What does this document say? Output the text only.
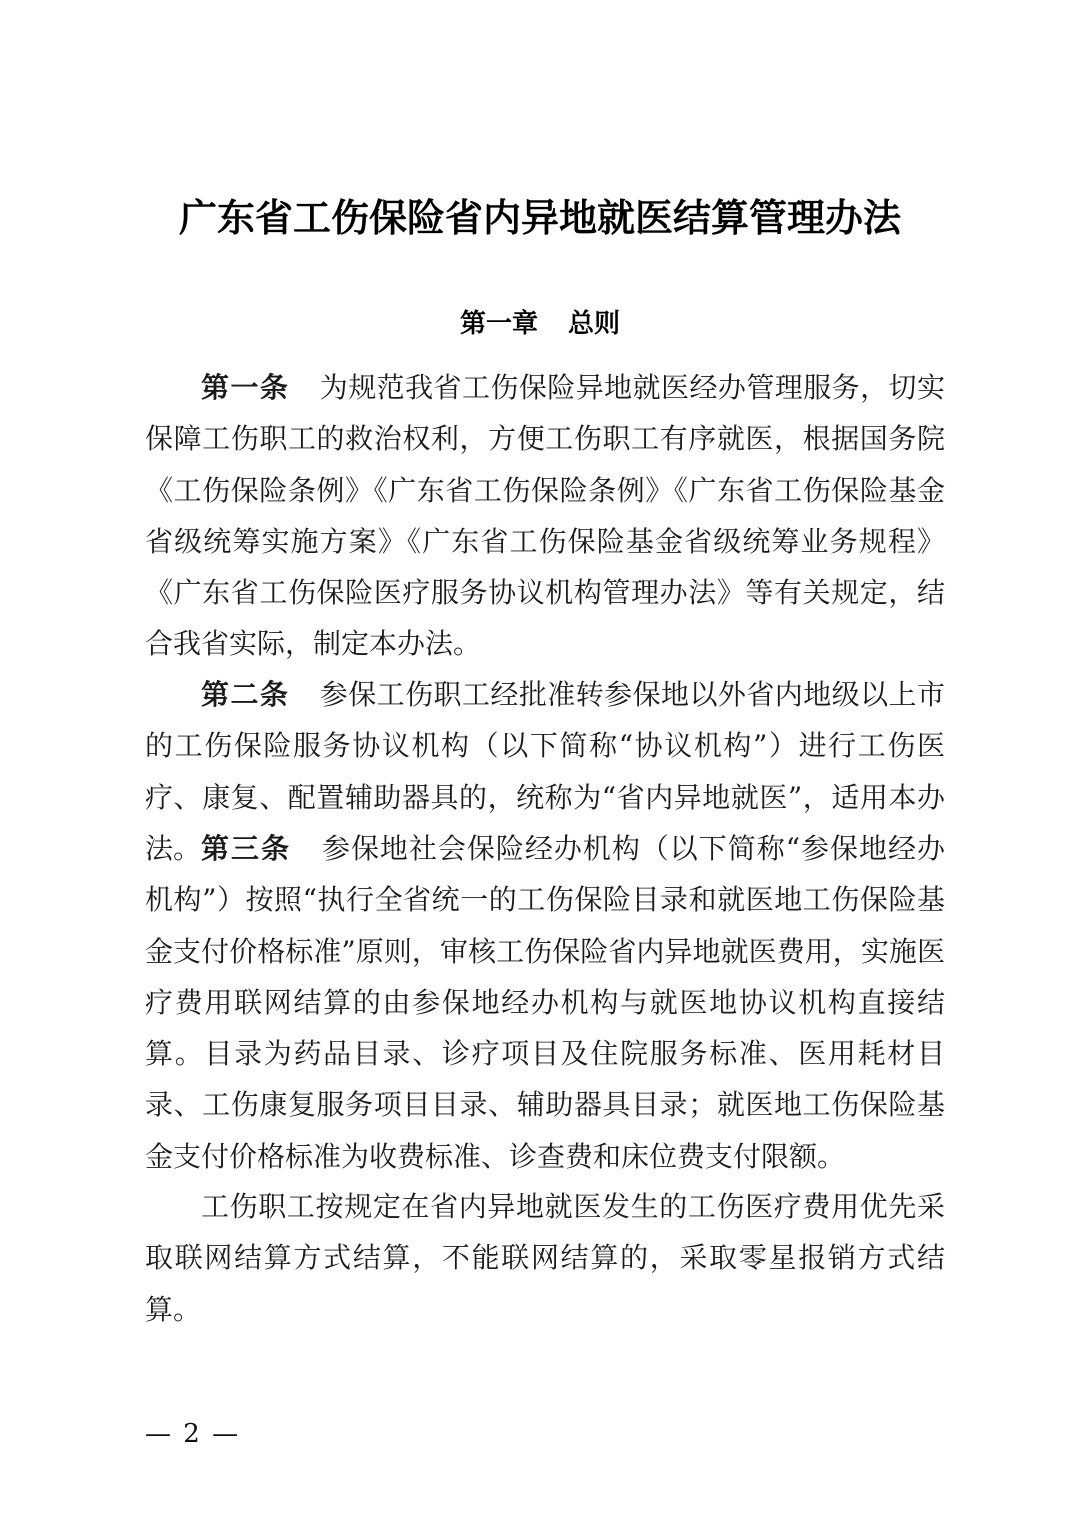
广东省工伤保险省内异地就医结算管理办法
第一章 总则

第一条 为规范我省工伤保险异地就医经办管理服务，切实保障工伤职工的救治权利，方便工伤职工有序就医，根据国务院《工伤保险条例》《广东省工伤保险条例》《广东省工伤保险基金省级统筹实施方案》《广东省工伤保险基金省级统筹业务规程》《广东省工伤保险医疗服务协议机构管理办法》等有关规定，结合我省实际，制定本办法。

第二条 参保工伤职工经批准转参保地以外省内地级以上市的工伤保险服务协议机构（以下简称“协议机构”）进行工伤医疗、康复、配置辅助器具的，统称为“省内异地就医”，适用本办法。 第三条 参保地社会保险经办机构（以下简称“参保地经办机构”）按照“执行全省统一的工伤保险目录和就医地工伤保险基金支付价格标准”原则，审核工伤保险省内异地就医费用，实施医疗费用联网结算的由参保地经办机构与就医地协议机构直接结算。目录为药品目录、诊疗项目及住院服务标准、医用耗材目录、工伤康复服务项目目录、辅助器具目录；就医地工伤保险基金支付价格标准为收费标准、诊查费和床位费支付限额。

工伤职工按规定在省内异地就医发生的工伤医疗费用优先采取联网结算方式结算，不能联网结算的，采取零星报销方式结算。

— 2 —
